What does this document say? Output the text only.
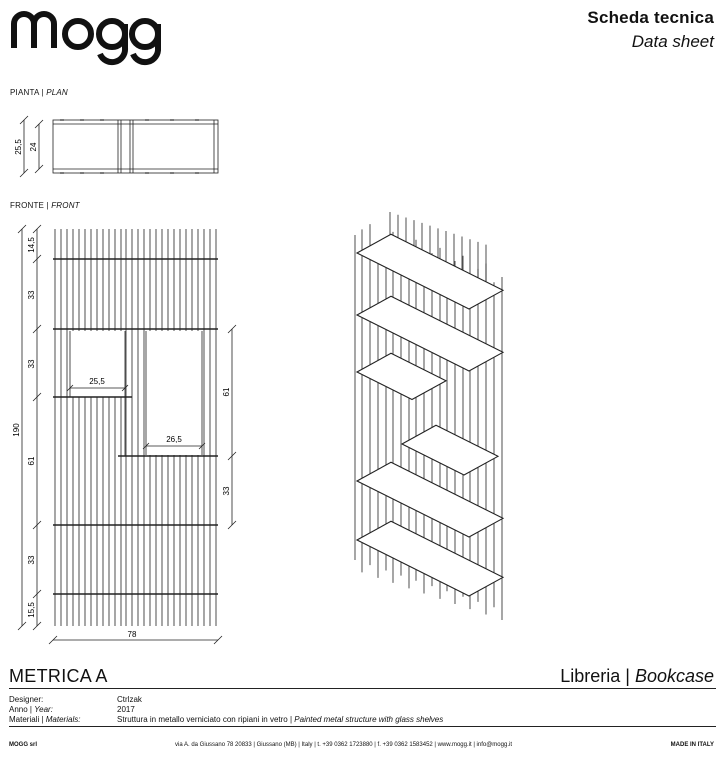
Scheda tecnica
Data sheet
PIANTA | PLAN
FRONTE | FRONT
25,5 24
14,5
33
33
61
33
15,5
190
61
33
25,5
26,5
78
METRICA A	Libreria | Bookcase
Designer:	Ctrlzak
Anno | Year:	2017
Materiali | Materials:	Struttura in metallo verniciato con ripiani in vetro | Painted metal structure with glass shelves
MOGG srl	via A. da Giussano 78 20833 | Giussano (MB) | Italy | t. +39 0362 1723880 | f. +39 0362 1583452 | www.mogg.it | info@mogg.it	MADE IN ITALY
